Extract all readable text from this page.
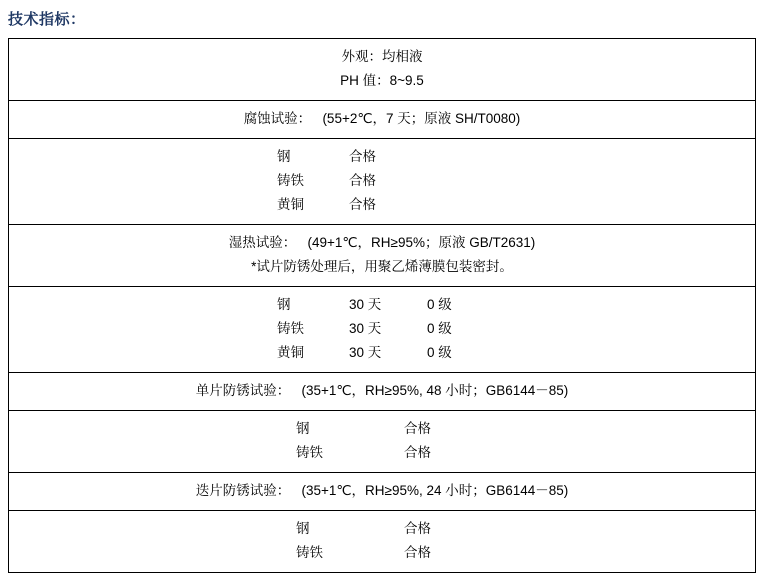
技术指标：
外观：均相液
PH 值：8~9.5

腐蚀试验：   (55+2℃，7 天；原液 SH/T0080)

钢	合格
铸铁	合格
黄铜	合格

湿热试验：   (49+1℃，RH≥95%；原液 GB/T2631)
*试片防锈处理后，用聚乙烯薄膜包装密封。

钢	30 天	0 级
铸铁	30 天	0 级
黄铜	30 天	0 级

单片防锈试验：   (35+1℃，RH≥95%, 48 小时；GB6144－85)

钢	合格
铸铁	合格

迭片防锈试验：   (35+1℃，RH≥95%, 24 小时；GB6144－85)

钢	合格
铸铁	合格
